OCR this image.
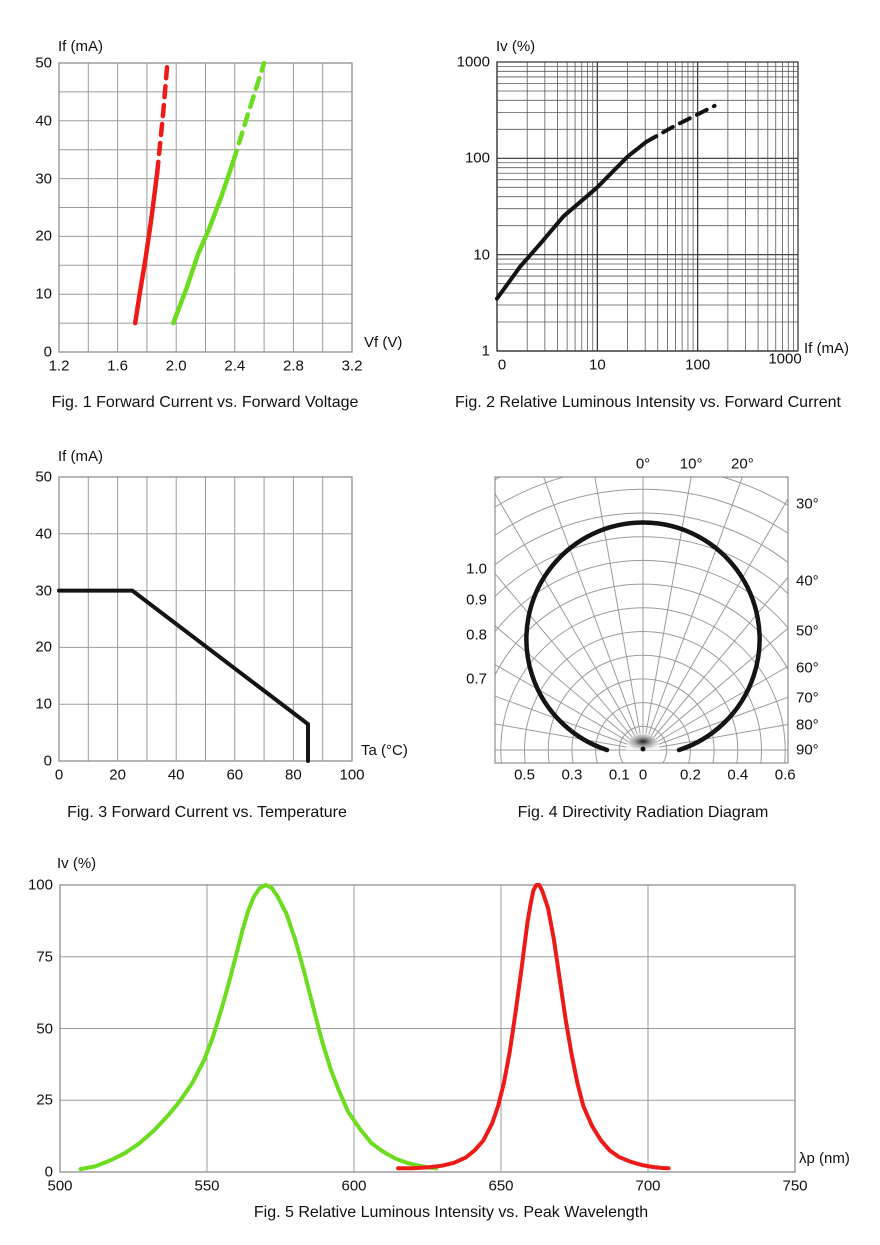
If (mA)
Vf (V)
Fig. 1 Forward Current vs. Forward Voltage
Iv (%)
If (mA)
Fig. 2 Relative Luminous Intensity vs. Forward Current
If (mA)
Ta (°C)
Fig. 3 Forward Current vs. Temperature	Fig. 4 Directivity Radiation Diagram
Iv (%)
λp (nm)
Fig. 5 Relative Luminous Intensity vs. Peak Wavelength
1.2	1.6	2.0	2.4	2.8	3.2
0
10
20
30
40
50
0	10	100	1000
1
10
100
1000
0	20	40	60	80	100
0
10
20
30
40
50
0° 10° 20°
30°
40°
50°
60°
70°
80°
90°
1.0
0.9
0.8
0.7
0.5 0.3 0.1 0 0.2 0.4 0.6
500	550	600	650	700	750
0
25
50
75
100
